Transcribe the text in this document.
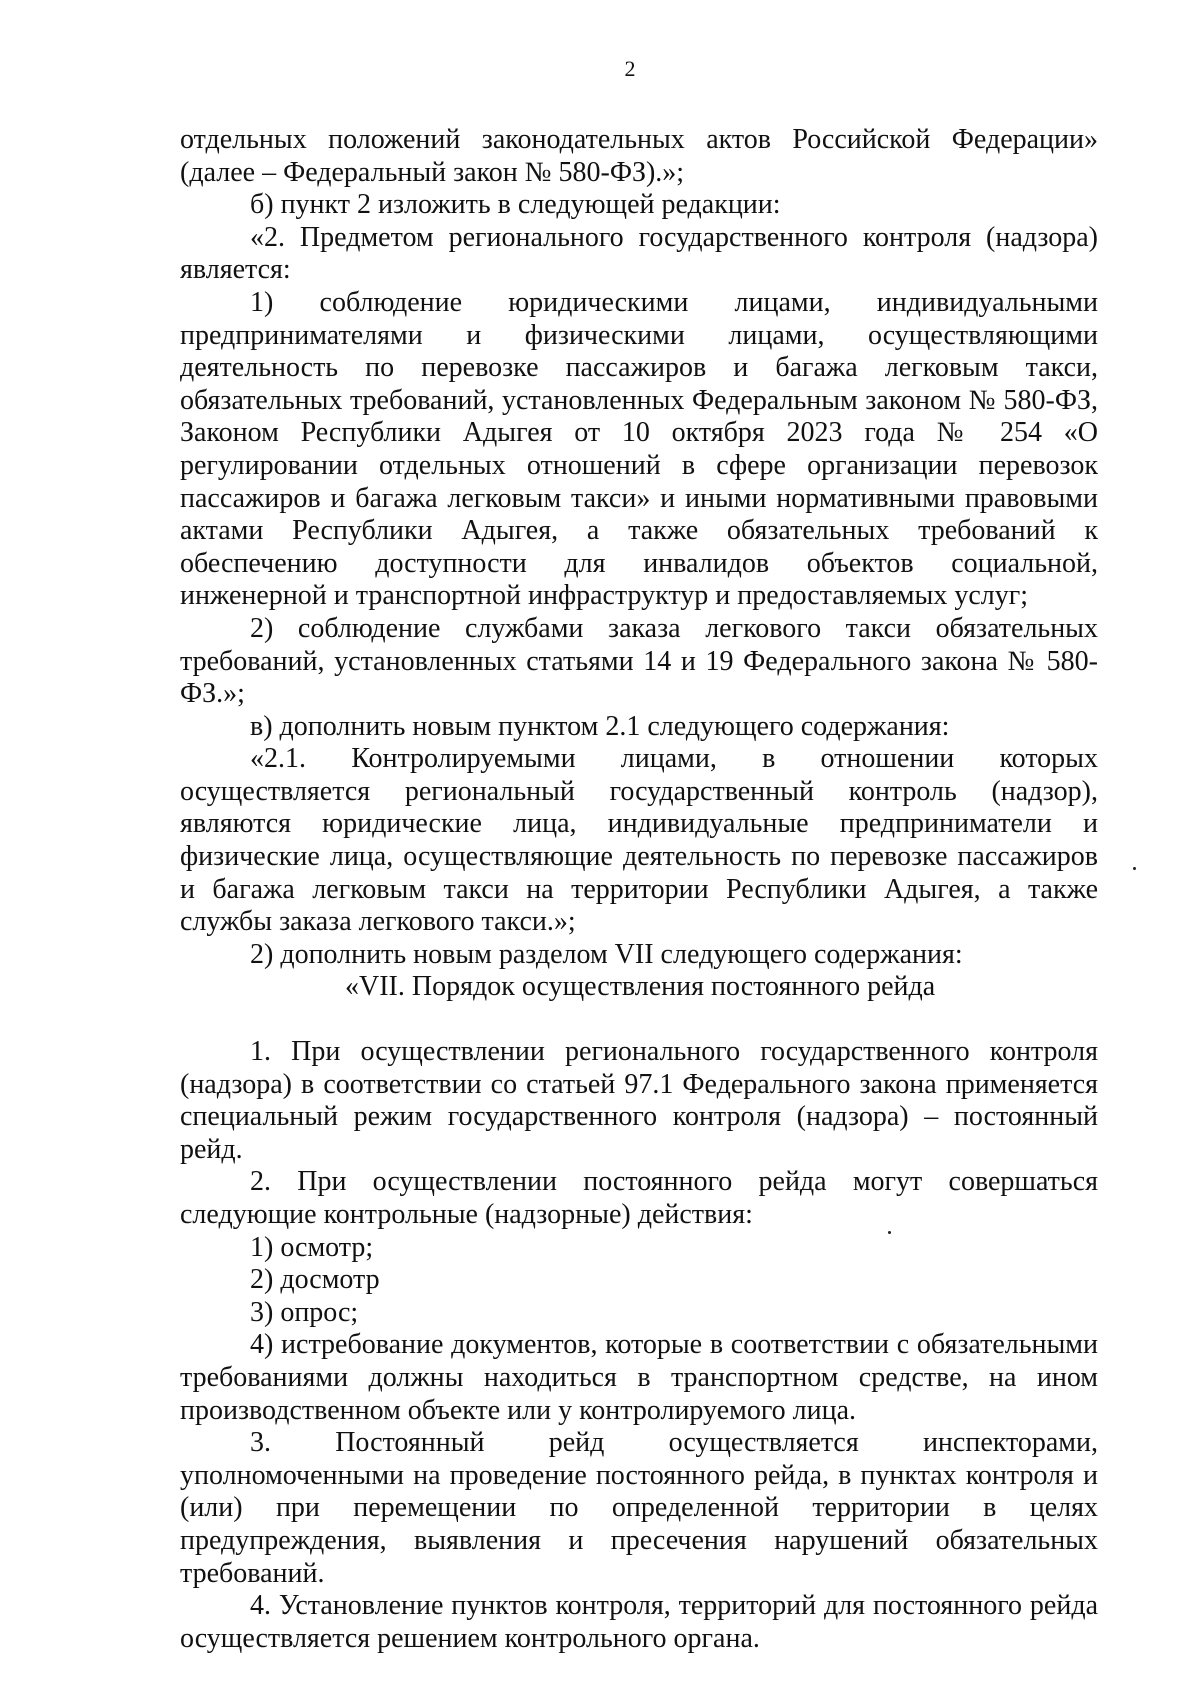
2

отдельных положений законодательных актов Российской Федерации» (далее – Федеральный закон № 580-ФЗ).»;

б) пункт 2 изложить в следующей редакции:

«2. Предметом регионального государственного контроля (надзора) является:

1) соблюдение юридическими лицами, индивидуальными предпринимателями и физическими лицами, осуществляющими деятельность по перевозке пассажиров и багажа легковым такси, обязательных требований, установленных Федеральным законом № 580-ФЗ, Законом Республики Адыгея от 10 октября 2023 года № 254 «О регулировании отдельных отношений в сфере организации перевозок пассажиров и багажа легковым такси» и иными нормативными правовыми актами Республики Адыгея, а также обязательных требований к обеспечению доступности для инвалидов объектов социальной, инженерной и транспортной инфраструктур и предоставляемых услуг;

2) соблюдение службами заказа легкового такси обязательных требований, установленных статьями 14 и 19 Федерального закона № 580-ФЗ.»;

в) дополнить новым пунктом 2.1 следующего содержания:

«2.1. Контролируемыми лицами, в отношении которых осуществляется региональный государственный контроль (надзор), являются юридические лица, индивидуальные предприниматели и физические лица, осуществляющие деятельность по перевозке пассажиров и багажа легковым такси на территории Республики Адыгея, а также службы заказа легкового такси.»;

2) дополнить новым разделом VII следующего содержания:

«VII. Порядок осуществления постоянного рейда

1. При осуществлении регионального государственного контроля (надзора) в соответствии со статьей 97.1 Федерального закона применяется специальный режим государственного контроля (надзора) – постоянный рейд.

2. При осуществлении постоянного рейда могут совершаться следующие контрольные (надзорные) действия:

1) осмотр;

2) досмотр

3) опрос;

4) истребование документов, которые в соответствии с обязательными требованиями должны находиться в транспортном средстве, на ином производственном объекте или у контролируемого лица.

3. Постоянный рейд осуществляется инспекторами, уполномоченными на проведение постоянного рейда, в пунктах контроля и (или) при перемещении по определенной территории в целях предупреждения, выявления и пресечения нарушений обязательных требований.

4. Установление пунктов контроля, территорий для постоянного рейда осуществляется решением контрольного органа.
